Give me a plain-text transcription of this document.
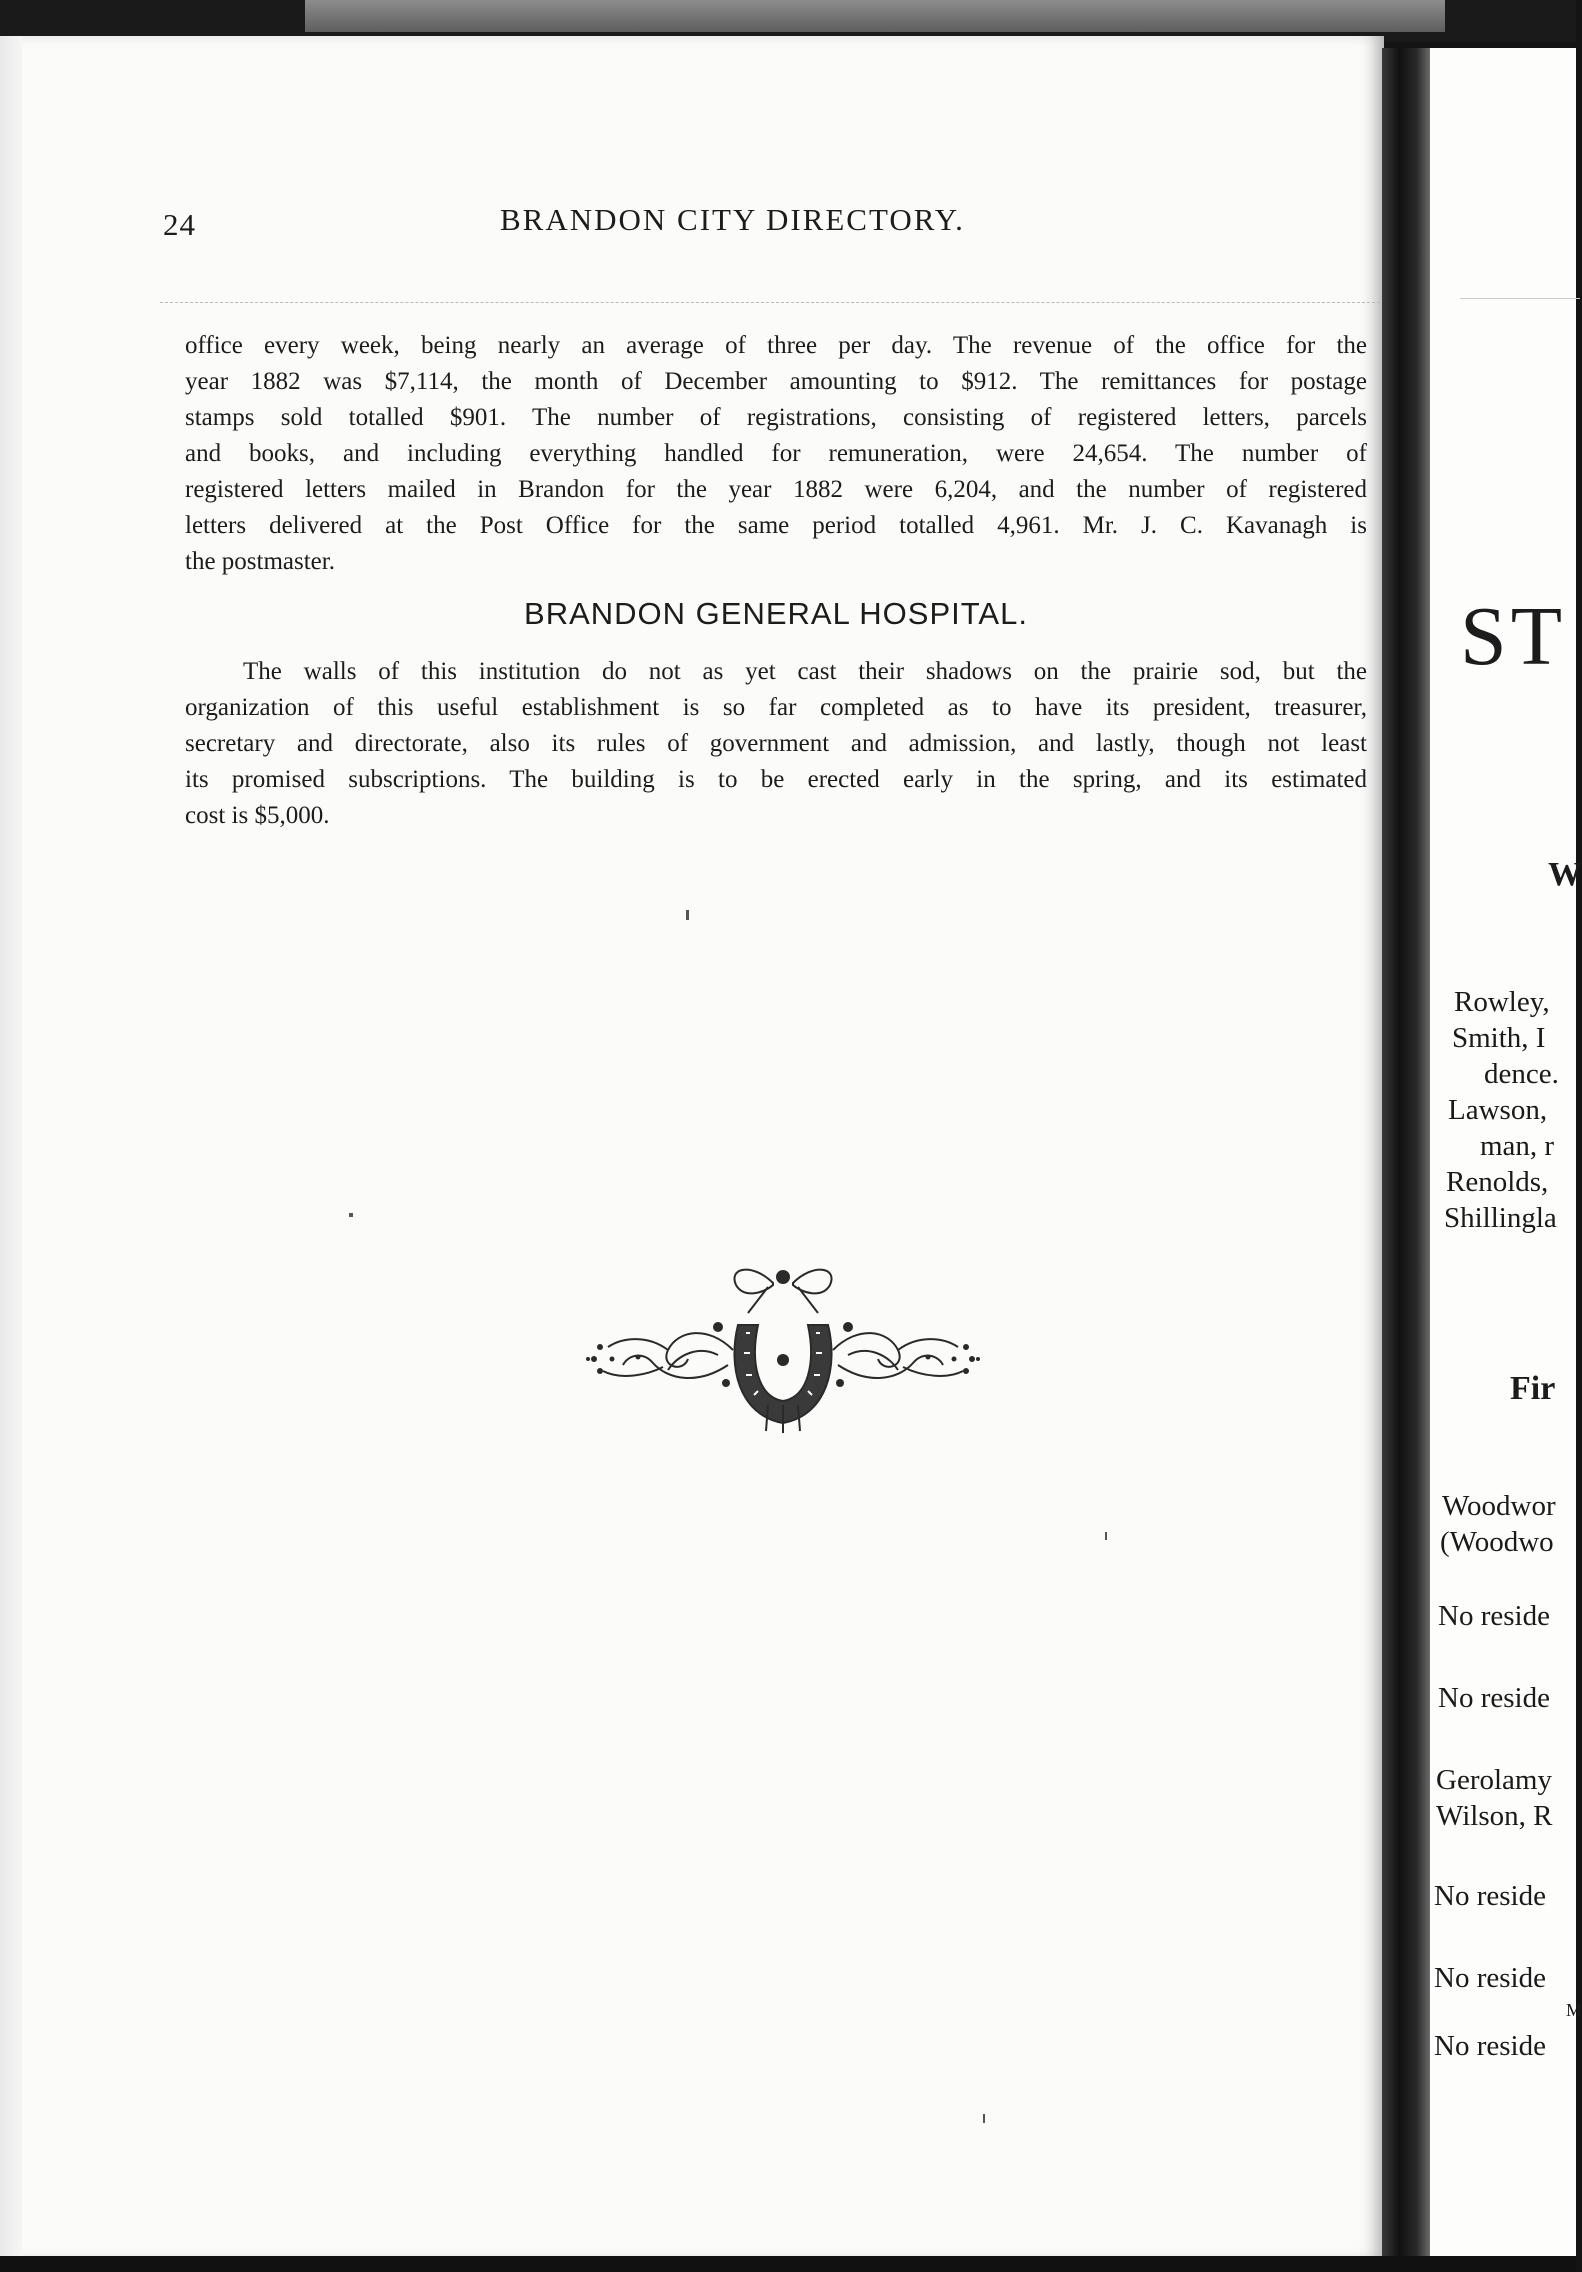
24	BRANDON CITY DIRECTORY.
office every week, being nearly an average of three per day. The revenue of the office for the
year 1882 was $7,114, the month of December amounting to $912. The remittances for postage
stamps sold totalled $901. The number of registrations, consisting of registered letters, parcels
and books, and including everything handled for remuneration, were 24,654. The number of
registered letters mailed in Brandon for the year 1882 were 6,204, and the number of registered
letters delivered at the Post Office for the same period totalled 4,961. Mr. J. C. Kavanagh is
the postmaster.
BRANDON GENERAL HOSPITAL.
The walls of this institution do not as yet cast their shadows on the prairie sod, but the
organization of this useful establishment is so far completed as to have its president, treasurer,
secretary and directorate, also its rules of government and admission, and lastly, though not least
its promised subscriptions. The building is to be erected early in the spring, and its estimated
cost is $5,000.
ST
W
Rowley,
Smith, I
dence.
Lawson,
man, r
Renolds,
Shillingla
Fir
Woodwor
(Woodwo
No reside
No reside
Gerolamy
Wilson, R
No reside
No reside
M
No reside
